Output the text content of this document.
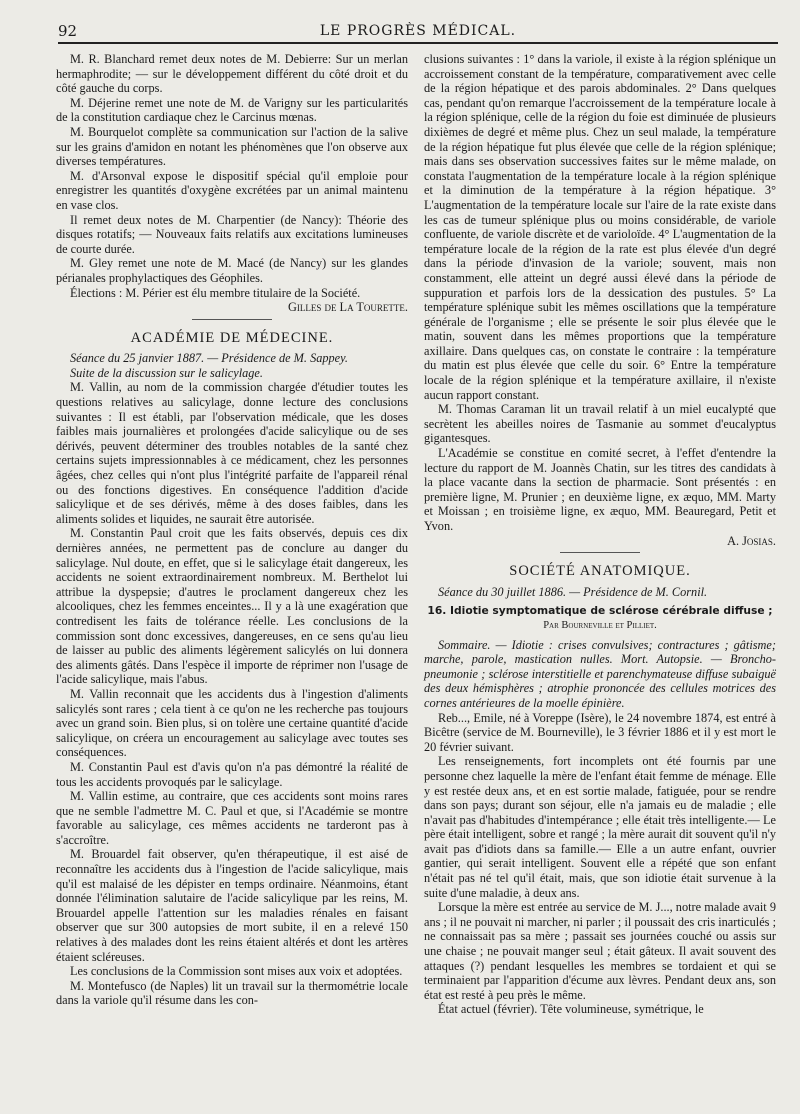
92	LE PROGRÈS MÉDICAL.

M. R. Blanchard remet deux notes de M. Debierre: Sur un merlan hermaphrodite; — sur le développement différent du côté droit et du côté gauche du corps.

M. Déjerine remet une note de M. de Varigny sur les particularités de la constitution cardiaque chez le Carcinus mœnas.

M. Bourquelot complète sa communication sur l'action de la salive sur les grains d'amidon en notant les phénomènes que l'on observe aux diverses températures.

M. d'Arsonval expose le dispositif spécial qu'il emploie pour enregistrer les quantités d'oxygène excrétées par un animal maintenu en vase clos.

Il remet deux notes de M. Charpentier (de Nancy): Théorie des disques rotatifs; — Nouveaux faits relatifs aux excitations lumineuses de courte durée.

M. Gley remet une note de M. Macé (de Nancy) sur les glandes périanales prophylactiques des Géophiles.

Élections : M. Périer est élu membre titulaire de la Société.

Gilles de La Tourette.

ACADÉMIE DE MÉDECINE.

Séance du 25 janvier 1887. — Présidence de M. Sappey.

Suite de la discussion sur le salicylage.

M. Vallin, au nom de la commission chargée d'étudier toutes les questions relatives au salicylage, donne lecture des conclusions suivantes : Il est établi, par l'observation médicale, que les doses faibles mais journalières et prolongées d'acide salicylique ou de ses dérivés, peuvent déterminer des troubles notables de la santé chez certains sujets impressionnables à ce médicament, chez les personnes âgées, chez celles qui n'ont plus l'intégrité parfaite de l'appareil rénal ou des fonctions digestives. En conséquence l'addition d'acide salicylique et de ses dérivés, même à des doses faibles, dans les aliments solides et liquides, ne saurait être autorisée.

M. Constantin Paul croit que les faits observés, depuis ces dix dernières années, ne permettent pas de conclure au danger du salicylage. Nul doute, en effet, que si le salicylage était dangereux, les accidents ne soient extraordinairement nombreux. M. Berthelot lui attribue la dyspepsie; d'autres le proclament dangereux chez les alcooliques, chez les femmes enceintes... Il y a là une exagération que contredisent les faits de tolérance réelle. Les conclusions de la commission sont donc excessives, dangereuses, en ce sens qu'au lieu de laisser au public des aliments légèrement salicylés on lui donnera des aliments gâtés. Dans l'espèce il importe de réprimer non l'usage de l'acide salicylique, mais l'abus.

M. Vallin reconnait que les accidents dus à l'ingestion d'aliments salicylés sont rares ; cela tient à ce qu'on ne les recherche pas toujours avec un grand soin. Bien plus, si on tolère une certaine quantité d'acide salicylique, on créera un encouragement au salicylage avec toutes ses conséquences.

M. Constantin Paul est d'avis qu'on n'a pas démontré la réalité de tous les accidents provoqués par le salicylage.

M. Vallin estime, au contraire, que ces accidents sont moins rares que ne semble l'admettre M. C. Paul et que, si l'Académie se montre favorable au salicylage, ces mêmes accidents ne tarderont pas à s'accroître.

M. Brouardel fait observer, qu'en thérapeutique, il est aisé de reconnaître les accidents dus à l'ingestion de l'acide salicylique, mais qu'il est malaisé de les dépister en temps ordinaire. Néanmoins, étant donnée l'élimination salutaire de l'acide salicylique par les reins, M. Brouardel appelle l'attention sur les maladies rénales en faisant observer que sur 300 autopsies de mort subite, il en a relevé 150 relatives à des malades dont les reins étaient altérés et dont les artères étaient scléreuses.

Les conclusions de la Commission sont mises aux voix et adoptées.

M. Montefusco (de Naples) lit un travail sur la thermométrie locale dans la variole qu'il résume dans les con-

clusions suivantes : 1° dans la variole, il existe à la région splénique un accroissement constant de la température, comparativement avec celle de la région hépatique et des parois abdominales. 2° Dans quelques cas, pendant qu'on remarque l'accroissement de la température locale à la région splénique, celle de la région du foie est diminuée de plusieurs dixièmes de degré et même plus. Chez un seul malade, la température de la région hépatique fut plus élevée que celle de la région splénique; mais dans ses observation successives faites sur le même malade, on constata l'augmentation de la température locale à la région splénique et la diminution de la température à la région hépatique. 3° L'augmentation de la température locale sur l'aire de la rate existe dans les cas de tumeur splénique plus ou moins considérable, de variole confluente, de variole discrète et de varioloïde. 4° L'augmentation de la température locale de la région de la rate est plus élevée d'un degré dans la période d'invasion de la variole; souvent, mais non constamment, elle atteint un degré aussi élevé dans la période de suppuration et parfois lors de la dessication des pustules. 5° La température splénique subit les mêmes oscillations que la température générale de l'organisme ; elle se présente le soir plus élevée que le matin, souvent dans les mêmes proportions que la température axillaire. Dans quelques cas, on constate le contraire : la température du matin est plus élevée que celle du soir. 6° Entre la température locale de la région splénique et la température axillaire, il n'existe aucun rapport constant.

M. Thomas Caraman lit un travail relatif à un miel eucalypté que secrètent les abeilles noires de Tasmanie au sommet d'eucalyptus gigantesques.

L'Académie se constitue en comité secret, à l'effet d'entendre la lecture du rapport de M. Joannès Chatin, sur les titres des candidats à la place vacante dans la section de pharmacie. Sont présentés : en première ligne, M. Prunier ; en deuxième ligne, ex æquo, MM. Marty et Moissan ; en troisième ligne, ex æquo, MM. Beauregard, Petit et Yvon.

A. Josias.

SOCIÉTÉ ANATOMIQUE.

Séance du 30 juillet 1886. — Présidence de M. Cornil.

16. Idiotie symptomatique de sclérose cérébrale diffuse ;
Par Bourneville et Pilliet.

Sommaire. — Idiotie : crises convulsives; contractures ; gâtisme; marche, parole, mastication nulles. Mort. Autopsie. — Broncho-pneumonie ; sclérose interstitielle et parenchymateuse diffuse subaiguë des deux hémisphères ; atrophie prononcée des cellules motrices des cornes antérieures de la moelle épinière.

Reb..., Emile, né à Voreppe (Isère), le 24 novembre 1874, est entré à Bicêtre (service de M. Bourneville), le 3 février 1886 et il y est mort le 20 février suivant.

Les renseignements, fort incomplets ont été fournis par une personne chez laquelle la mère de l'enfant était femme de ménage. Elle y est restée deux ans, et en est sortie malade, fatiguée, pour se rendre dans son pays; durant son séjour, elle n'a jamais eu de maladie ; elle n'avait pas d'habitudes d'intempérance ; elle était très intelligente.— Le père était intelligent, sobre et rangé ; la mère aurait dit souvent qu'il n'y avait pas d'idiots dans sa famille.— Elle a un autre enfant, ouvrier gantier, qui serait intelligent. Souvent elle a répété que son enfant n'était pas né tel qu'il était, mais, que son idiotie était survenue à la suite d'une maladie, à deux ans.

Lorsque la mère est entrée au service de M. J..., notre malade avait 9 ans ; il ne pouvait ni marcher, ni parler ; il poussait des cris inarticulés ; ne connaissait pas sa mère ; passait ses journées couché ou assis sur une chaise ; ne pouvait manger seul ; était gâteux. Il avait souvent des attaques (?) pendant lesquelles les membres se tordaient et qui se terminaient par l'apparition d'écume aux lèvres. Pendant deux ans, son état est resté à peu près le même.

État actuel (février). Tête volumineuse, symétrique, le
